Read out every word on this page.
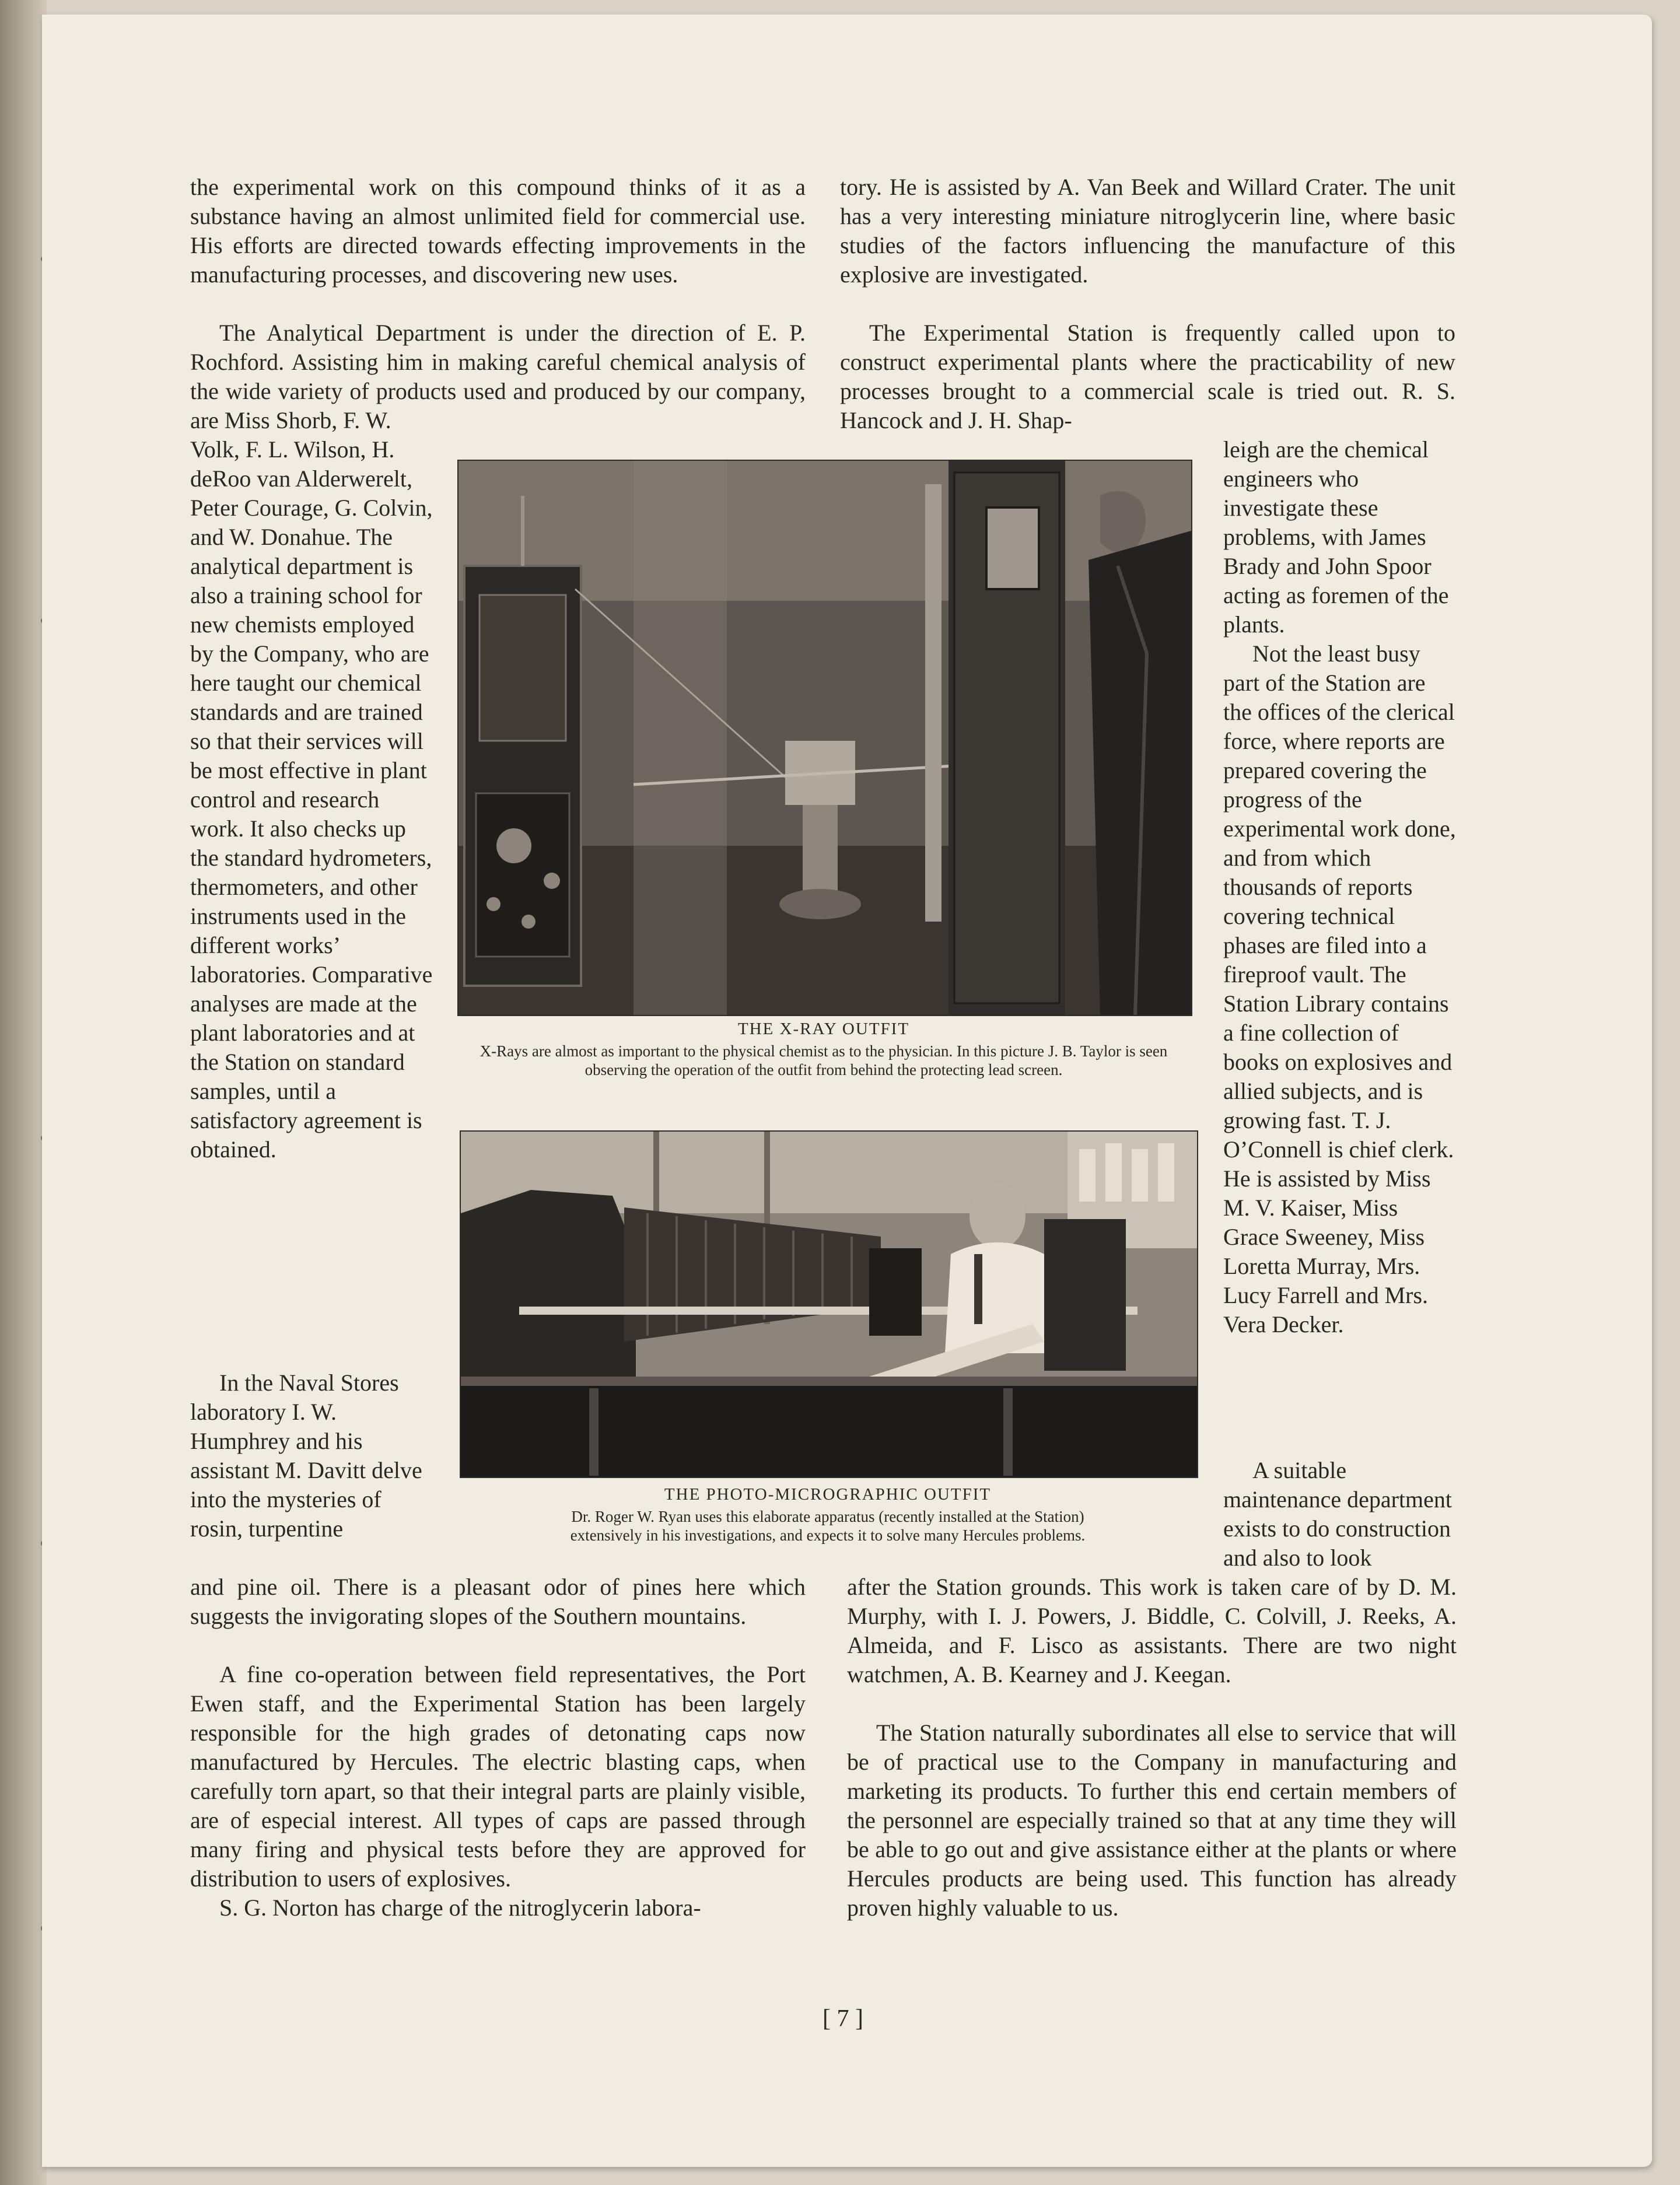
the experimental work on this compound thinks of it as a substance having an almost unlimited field for commercial use. His efforts are directed towards effecting improvements in the manufacturing processes, and discovering new uses.

The Analytical Department is under the direction of E. P. Rochford. Assisting him in making careful chemical analysis of the wide variety of products used and produced by our company, are Miss Shorb, F. W.

Volk, F. L. Wilson, H. deRoo van Alderwerelt, Peter Courage, G. Colvin, and W. Donahue. The analytical department is also a training school for new chemists employed by the Company, who are here taught our chemical standards and are trained so that their services will be most effective in plant control and research work. It also checks up the standard hydrometers, thermometers, and other instruments used in the different works’ laboratories. Comparative analyses are made at the plant laboratories and at the Station on standard samples, until a satisfactory agreement is obtained.

In the Naval Stores laboratory I. W. Humphrey and his assistant M. Davitt delve into the mysteries of rosin, turpentine

and pine oil. There is a pleasant odor of pines here which suggests the invigorating slopes of the Southern mountains.

A fine co-operation between field representatives, the Port Ewen staff, and the Experimental Station has been largely responsible for the high grades of detonating caps now manufactured by Hercules. The electric blasting caps, when carefully torn apart, so that their integral parts are plainly visible, are of especial interest. All types of caps are passed through many firing and physical tests before they are approved for distribution to users of explosives.

S. G. Norton has charge of the nitroglycerin labora-

tory. He is assisted by A. Van Beek and Willard Crater. The unit has a very interesting miniature nitroglycerin line, where basic studies of the factors influencing the manufacture of this explosive are investigated.

The Experimental Station is frequently called upon to construct experimental plants where the practicability of new processes brought to a commercial scale is tried out. R. S. Hancock and J. H. Shap-

leigh are the chemical engineers who investigate these problems, with James Brady and John Spoor acting as foremen of the plants.

Not the least busy part of the Station are the offices of the clerical force, where reports are prepared covering the progress of the experimental work done, and from which thousands of reports covering technical phases are filed into a fireproof vault. The Station Library contains a fine collection of books on explosives and allied subjects, and is growing fast. T. J. O’Connell is chief clerk. He is assisted by Miss M. V. Kaiser, Miss Grace Sweeney, Miss Loretta Murray, Mrs. Lucy Farrell and Mrs. Vera Decker.

A suitable maintenance department exists to do construction and also to look

after the Station grounds. This work is taken care of by D. M. Murphy, with I. J. Powers, J. Biddle, C. Colvill, J. Reeks, A. Almeida, and F. Lisco as assistants. There are two night watchmen, A. B. Kearney and J. Keegan.

The Station naturally subordinates all else to service that will be of practical use to the Company in manufacturing and marketing its products. To further this end certain members of the personnel are especially trained so that at any time they will be able to go out and give assistance either at the plants or where Hercules products are being used. This function has already proven highly valuable to us.

THE X-RAY OUTFIT

X-Rays are almost as important to the physical chemist as to the physician. In this picture J. B. Taylor is seen observing the operation of the outfit from behind the protecting lead screen.

THE PHOTO-MICROGRAPHIC OUTFIT

Dr. Roger W. Ryan uses this elaborate apparatus (recently installed at the Station)

extensively in his investigations, and expects it to solve many Hercules problems.

[ 7 ]
